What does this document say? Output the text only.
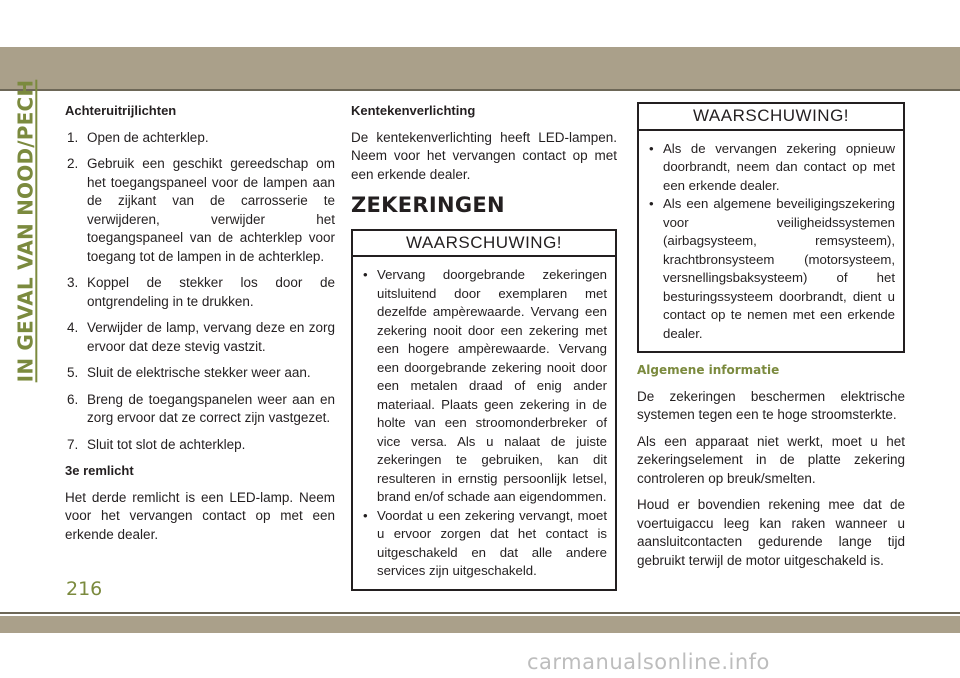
IN GEVAL VAN NOOD/PECH Achteruitrijlichten
1. Open de achterklep.
2. Gebruik een geschikt gereedschap om het toegangspaneel voor de lampen aan de zijkant van de carrosserie te verwijderen, verwijder het toegangspaneel van de achterklep voor toegang tot de lampen in de achterklep.
3. Koppel de stekker los door de ontgrendeling in te drukken.
4. Verwijder de lamp, vervang deze en zorg ervoor dat deze stevig vastzit.
5. Sluit de elektrische stekker weer aan.
6. Breng de toegangspanelen weer aan en zorg ervoor dat ze correct zijn vastgezet.
7. Sluit tot slot de achterklep.
3e remlicht

Het derde remlicht is een LED-lamp. Neem voor het vervangen contact op met een erkende dealer.

Kentekenverlichting

De kentekenverlichting heeft LED-lampen. Neem voor het vervangen contact op met een erkende dealer.

ZEKERINGEN
WAARSCHUWING!
• Vervang doorgebrande zekeringen uitsluitend door exemplaren met dezelfde ampèrewaarde. Vervang een zekering nooit door een zekering met een hogere ampèrewaarde. Vervang een doorgebrande zekering nooit door een metalen draad of enig ander materiaal. Plaats geen zekering in de holte van een stroomonderbreker of vice versa. Als u nalaat de juiste zekeringen te gebruiken, kan dit resulteren in ernstig persoonlijk letsel, brand en/of schade aan eigendommen.
• Voordat u een zekering vervangt, moet u ervoor zorgen dat het contact is uitgeschakeld en dat alle andere services zijn uitgeschakeld.
WAARSCHUWING!
• Als de vervangen zekering opnieuw doorbrandt, neem dan contact op met een erkende dealer.
• Als een algemene beveiligingszekering voor veiligheidssystemen (airbagsysteem, remsysteem), krachtbronsysteem (motorsysteem, versnellingsbaksysteem) of het besturingssysteem doorbrandt, dient u contact op te nemen met een erkende dealer.
Algemene informatie

De zekeringen beschermen elektrische systemen tegen een te hoge stroomsterkte.

Als een apparaat niet werkt, moet u het zekeringselement in de platte zekering controleren op breuk/smelten.

Houd er bovendien rekening mee dat de voertuigaccu leeg kan raken wanneer u aansluitcontacten gedurende lange tijd gebruikt terwijl de motor uitgeschakeld is.

216
carmanualsonline.info
